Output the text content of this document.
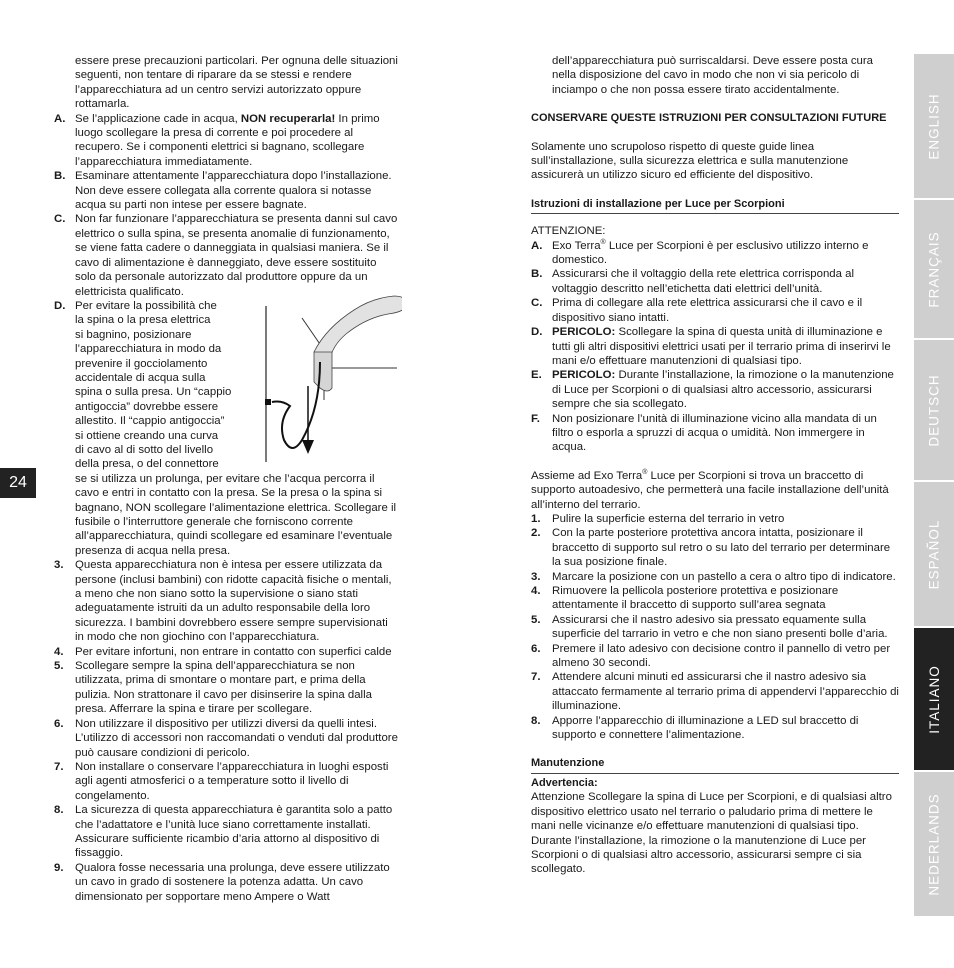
essere prese precauzioni particolari. Per ognuna delle situazioni seguenti, non tentare di riparare da se stessi e rendere l’apparecchiatura ad un centro servizi autorizzato oppure rottamarla.

A. Se l’applicazione cade in acqua, NON recuperarla! In primo luogo scollegare la presa di corrente e poi procedere al recupero. Se i componenti elettrici si bagnano, scollegare l’apparecchiatura immediatamente.
B. Esaminare attentamente l’apparecchiatura dopo l’installazione. Non deve essere collegata alla corrente qualora si notasse acqua su parti non intese per essere bagnate.
C. Non far funzionare l’apparecchiatura se presenta danni sul cavo elettrico o sulla spina, se presenta anomalie di funzionamento, se viene fatta cadere o danneggiata in qualsiasi maniera. Se il cavo di alimentazione è danneggiato, deve essere sostituito solo da personale autorizzato dal produttore oppure da un elettricista qualificato.
D. Per evitare la possibilità che
la spina o la presa elettrica
si bagnino, posizionare
l’apparecchiatura in modo da
prevenire il gocciolamento
accidentale di acqua sulla
spina o sulla presa. Un “cappio
antigoccia” dovrebbe essere
allestito. Il “cappio antigoccia”
si ottiene creando una curva
di cavo al di sotto del livello
della presa, o del connettore
se si utilizza un prolunga, per evitare che l’acqua percorra il cavo e entri in contatto con la presa. Se la presa o la spina si bagnano, NON scollegare l’alimentazione elettrica. Scollegare il fusibile o l’interruttore generale che forniscono corrente all’apparecchiatura, quindi scollegare ed esaminare l’eventuale presenza di acqua nella presa.
3.	Questa apparecchiatura non è intesa per essere utilizzata da persone (inclusi bambini) con ridotte capacità fisiche o mentali, a meno che non siano sotto la supervisione o siano stati adeguatamente istruiti da un adulto responsabile della loro sicurezza. I bambini dovrebbero essere sempre supervisionati in modo che non giochino con l’apparecchiatura.
4.	Per evitare infortuni, non entrare in contatto con superfici calde
5.	Scollegare sempre la spina dell’apparecchiatura se non utilizzata, prima di smontare o montare part, e prima della pulizia. Non strattonare il cavo per disinserire la spina dalla presa. Afferrare la spina e tirare per scollegare.
6.	Non utilizzare il dispositivo per utilizzi diversi da quelli intesi. L’utilizzo di accessori non raccomandati o venduti dal produttore può causare condizioni di pericolo.
7.	Non installare o conservare l’apparecchiatura in luoghi esposti agli agenti atmosferici o a temperature sotto il livello di congelamento.
8.	La sicurezza di questa apparecchiatura è garantita solo a patto che l’adattatore e l’unità luce siano correttamente installati. Assicurare sufficiente ricambio d’aria attorno al dispositivo di fissaggio.
9.	Qualora fosse necessaria una prolunga, deve essere utilizzato un cavo in grado di sostenere la potenza adatta. Un cavo dimensionato per sopportare meno Ampere o Watt

dell’apparecchiatura può surriscaldarsi. Deve essere posta cura nella disposizione del cavo in modo che non vi sia pericolo di inciampo o che non possa essere tirato accidentalmente.

CONSERVARE QUESTE ISTRUZIONI PER CONSULTAZIONI FUTURE

Solamente uno scrupoloso rispetto di queste guide linea sull’installazione, sulla sicurezza elettrica e sulla manutenzione assicurerà un utilizzo sicuro ed efficiente del dispositivo.

Istruzioni di installazione per Luce per Scorpioni

ATTENZIONE:

A. Exo Terra® Luce per Scorpioni è per esclusivo utilizzo interno e domestico.
B. Assicurarsi che il voltaggio della rete elettrica corrisponda al voltaggio descritto nell’etichetta dati elettrici dell’unità.
C. Prima di collegare alla rete elettrica assicurarsi che il cavo e il dispositivo siano intatti.
D. PERICOLO: Scollegare la spina di questa unità di illuminazione e tutti gli altri dispositivi elettrici usati per il terrario prima di inserirvi le mani e/o effettuare manutenzioni di qualsiasi tipo.
E. PERICOLO: Durante l’installazione, la rimozione o la manutenzione di Luce per Scorpioni o di qualsiasi altro accessorio, assicurarsi sempre che sia scollegato.
F.	Non posizionare l’unità di illuminazione vicino alla mandata di un filtro o esporla a spruzzi di acqua o umidità. Non immergere in acqua.

Assieme ad Exo Terra® Luce per Scorpioni si trova un braccetto di supporto autoadesivo, che permetterà una facile installazione dell’unità all’interno del terrario.

1.	Pulire la superficie esterna del terrario in vetro
2.	Con la parte posteriore protettiva ancora intatta, posizionare il braccetto di supporto sul retro o su lato del terrario per determinare la sua posizione finale.
3.	Marcare la posizione con un pastello a cera o altro tipo di indicatore.
4.	Rimuovere la pellicola posteriore protettiva e posizionare attentamente il braccetto di supporto sull’area segnata
5.	Assicurarsi che il nastro adesivo sia pressato equamente sulla superficie del tarrario in vetro e che non siano presenti bolle d’aria.
6.	Premere il lato adesivo con decisione contro il pannello di vetro per almeno 30 secondi.
7.	Attendere alcuni minuti ed assicurarsi che il nastro adesivo sia attaccato fermamente al terrario prima di appendervi l’apparecchio di illuminazione.
8.	Apporre l’apparecchio di illuminazione a LED sul braccetto di supporto e connettere l’alimentazione.

Manutenzione

Advertencia:

Attenzione Scollegare la spina di Luce per Scorpioni, e di qualsiasi altro dispositivo elettrico usato nel terrario o paludario prima di mettere le mani nelle vicinanze e/o effettuare manutenzioni di qualsiasi tipo. Durante l’installazione, la rimozione o la manutenzione di Luce per Scorpioni o di qualsiasi altro accessorio, assicurarsi sempre ci sia scollegato.

24
ENGLISH
FRANÇAIS
DEUTSCH
ESPAÑOL
ITALIANO
NEDERLANDS
